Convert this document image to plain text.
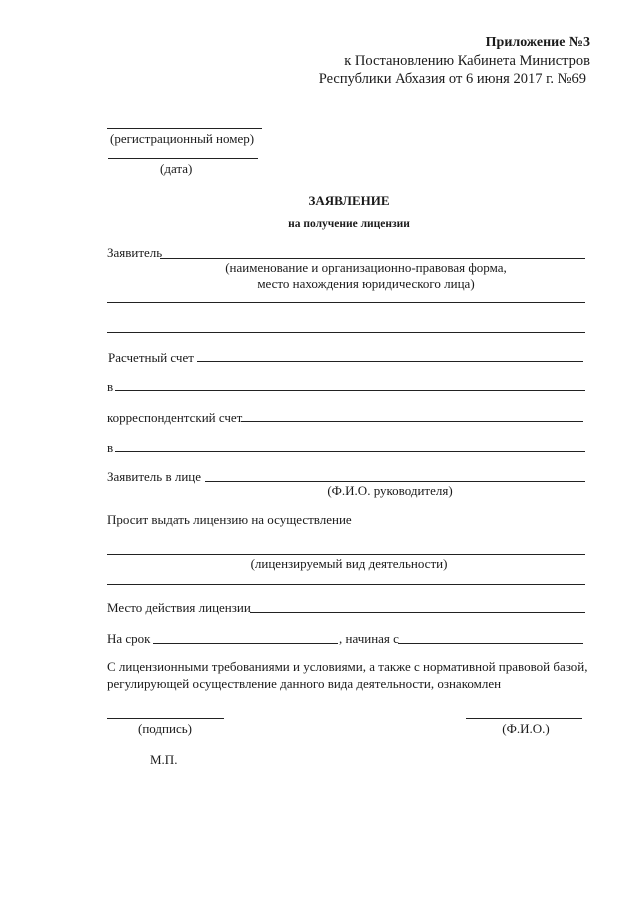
Приложение №3
к Постановлению Кабинета Министров
Республики Абхазия от 6 июня 2017 г. №69
(регистрационный номер)
(дата)
ЗАЯВЛЕНИЕ
на получение лицензии
Заявитель
(наименование и организационно-правовая форма,
место нахождения юридического лица)
Расчетный счет
в
корреспондентский счет
в
Заявитель в лице
(Ф.И.О. руководителя)
Просит выдать лицензию на осуществление
(лицензируемый вид деятельности)
Место действия лицензии
На срок	, начиная с
С лицензионными требованиями и условиями, а также с нормативной правовой базой,
регулирующей осуществление данного вида деятельности, ознакомлен
(подпись)	(Ф.И.О.)
М.П.
